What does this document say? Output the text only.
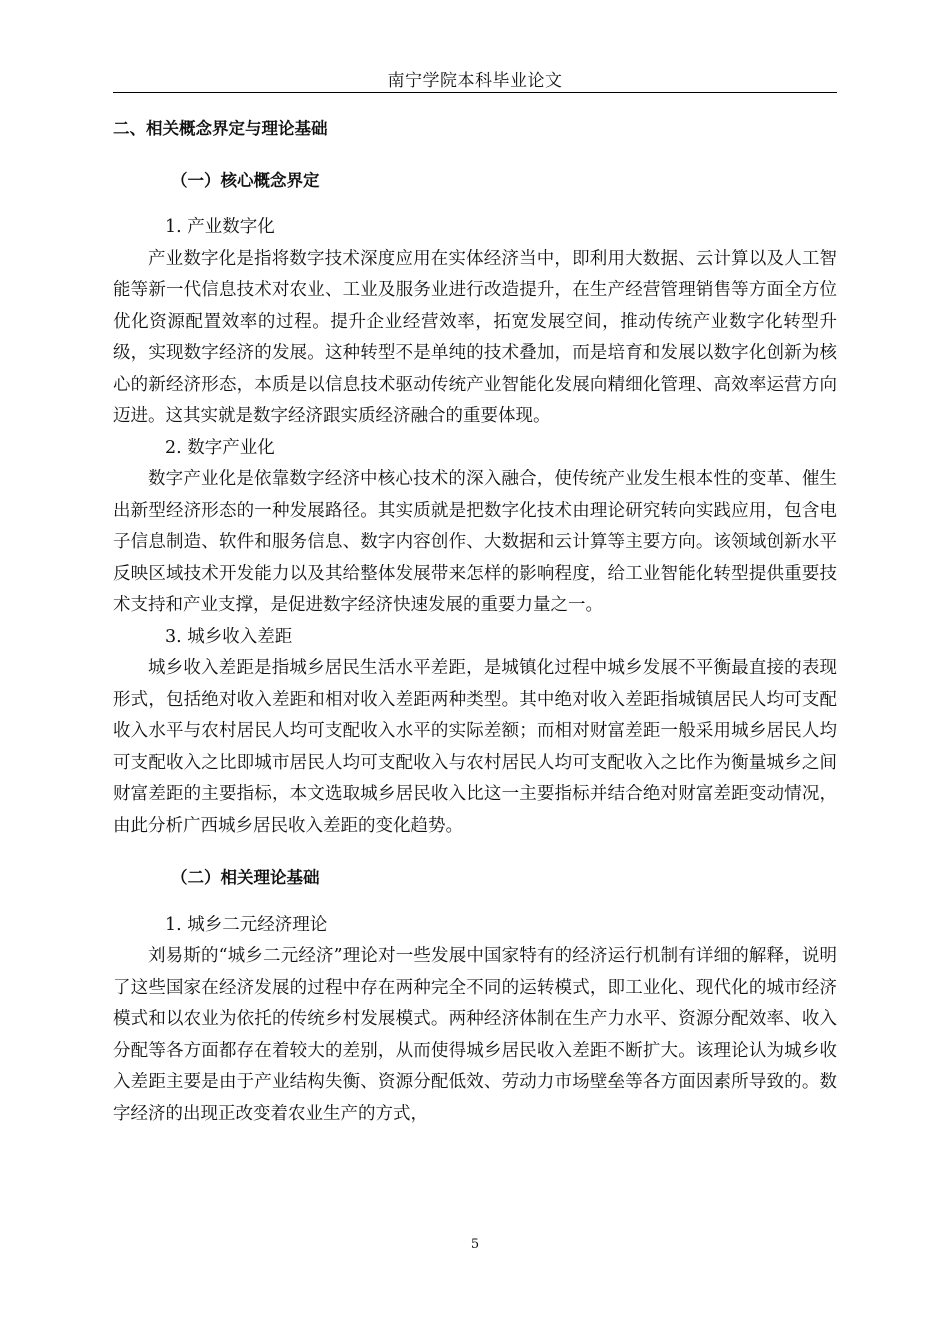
南宁学院本科毕业论文
二、相关概念界定与理论基础
（一）核心概念界定
1. 产业数字化

产业数字化是指将数字技术深度应用在实体经济当中，即利用大数据、云计算以及人工智能等新一代信息技术对农业、工业及服务业进行改造提升，在生产经营管理销售等方面全方位优化资源配置效率的过程。提升企业经营效率，拓宽发展空间，推动传统产业数字化转型升级，实现数字经济的发展。这种转型不是单纯的技术叠加，而是培育和发展以数字化创新为核心的新经济形态，本质是以信息技术驱动传统产业智能化发展向精细化管理、高效率运营方向迈进。这其实就是数字经济跟实质经济融合的重要体现。

2. 数字产业化

数字产业化是依靠数字经济中核心技术的深入融合，使传统产业发生根本性的变革、催生出新型经济形态的一种发展路径。其实质就是把数字化技术由理论研究转向实践应用，包含电子信息制造、软件和服务信息、数字内容创作、大数据和云计算等主要方向。该领域创新水平反映区域技术开发能力以及其给整体发展带来怎样的影响程度，给工业智能化转型提供重要技术支持和产业支撑，是促进数字经济快速发展的重要力量之一。

3. 城乡收入差距

城乡收入差距是指城乡居民生活水平差距，是城镇化过程中城乡发展不平衡最直接的表现形式，包括绝对收入差距和相对收入差距两种类型。其中绝对收入差距指城镇居民人均可支配收入水平与农村居民人均可支配收入水平的实际差额；而相对财富差距一般采用城乡居民人均可支配收入之比即城市居民人均可支配收入与农村居民人均可支配收入之比作为衡量城乡之间财富差距的主要指标，本文选取城乡居民收入比这一主要指标并结合绝对财富差距变动情况，由此分析广西城乡居民收入差距的变化趋势。

（二）相关理论基础
1. 城乡二元经济理论

刘易斯的“城乡二元经济”理论对一些发展中国家特有的经济运行机制有详细的解释，说明了这些国家在经济发展的过程中存在两种完全不同的运转模式，即工业化、现代化的城市经济模式和以农业为依托的传统乡村发展模式。两种经济体制在生产力水平、资源分配效率、收入分配等各方面都存在着较大的差别，从而使得城乡居民收入差距不断扩大。该理论认为城乡收入差距主要是由于产业结构失衡、资源分配低效、劳动力市场壁垒等各方面因素所导致的。数字经济的出现正改变着农业生产的方式，

5
